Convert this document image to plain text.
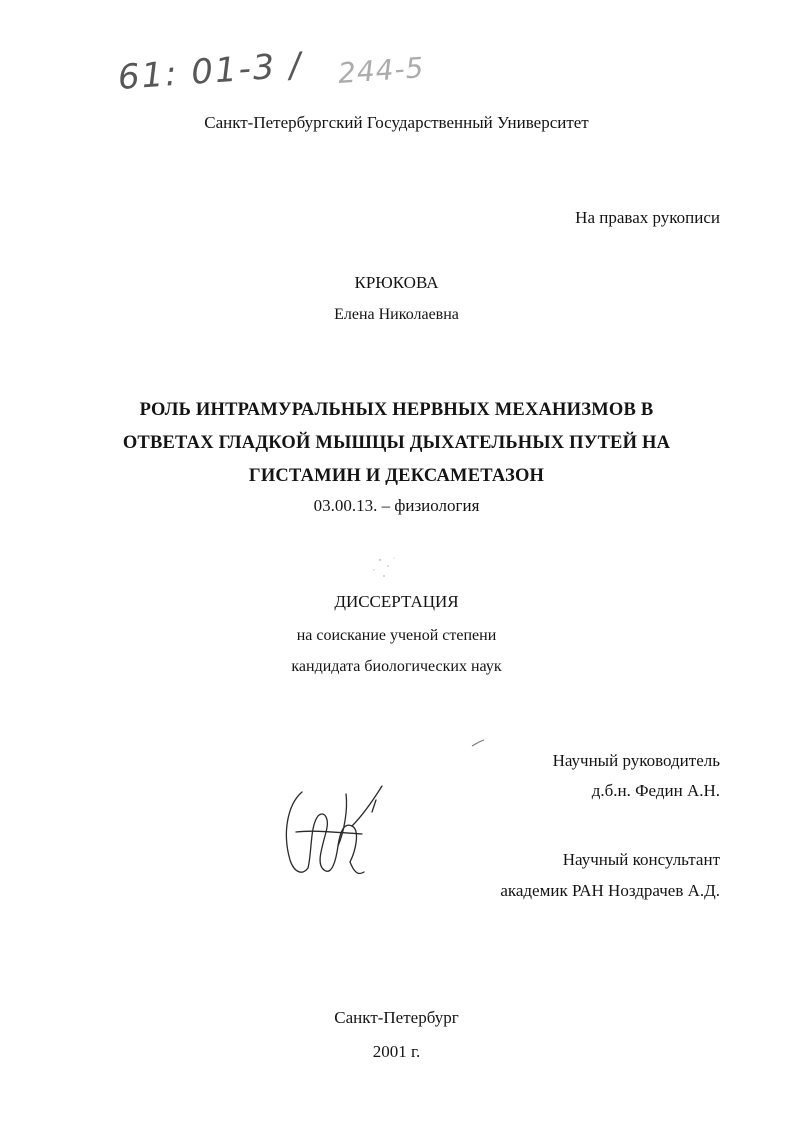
61: 01-3 / 244-5
Санкт-Петербургский Государственный Университет
На правах рукописи
КРЮКОВА
Елена Николаевна
РОЛЬ ИНТРАМУРАЛЬНЫХ НЕРВНЫХ МЕХАНИЗМОВ В
ОТВЕТАХ ГЛАДКОЙ МЫШЦЫ ДЫХАТЕЛЬНЫХ ПУТЕЙ НА
ГИСТАМИН И ДЕКСАМЕТАЗОН
03.00.13. – физиология
ДИССЕРТАЦИЯ
на соискание ученой степени
кандидата биологических наук
Научный руководитель
д.б.н. Федин А.Н.
Научный консультант
академик РАН Ноздрачев А.Д.
Санкт-Петербург
2001 г.
